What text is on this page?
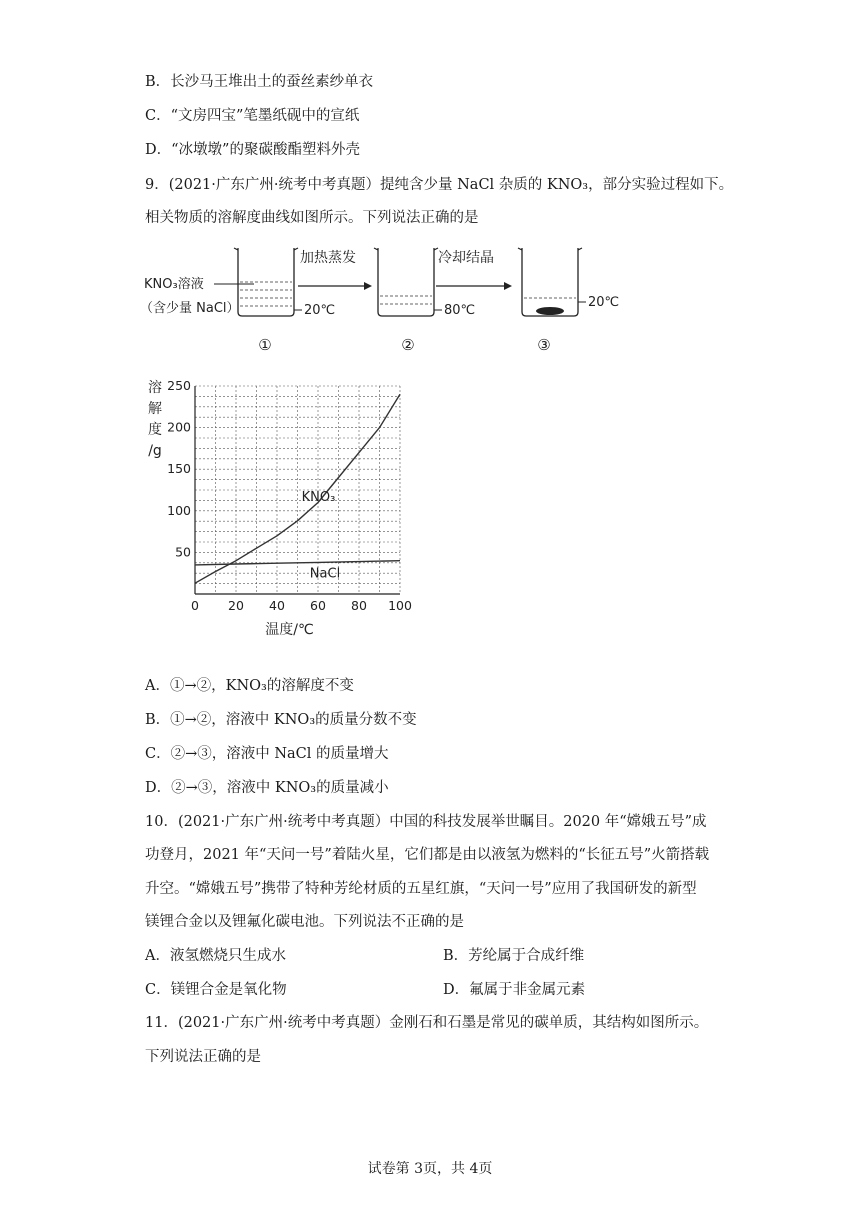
B．长沙马王堆出土的蚕丝素纱单衣
C．“文房四宝”笔墨纸砚中的宣纸
D．“冰墩墩”的聚碳酸酯塑料外壳
9．(2021·广东广州·统考中考真题）提纯含少量 NaCl 杂质的 KNO₃，部分实验过程如下。
相关物质的溶解度曲线如图所示。下列说法正确的是
KNO₃溶液
（含少量 NaCl）	20℃
加热蒸发
80℃
冷却结晶
20℃
①	②	③
0 20 40 60 80 100
50
100
150
200
250
溶
解
度
/g
温度/℃
KNO₃
NaCl
A．①→②，KNO₃的溶解度不变
B．①→②，溶液中 KNO₃的质量分数不变
C．②→③，溶液中 NaCl 的质量增大
D．②→③，溶液中 KNO₃的质量减小
10．(2021·广东广州·统考中考真题）中国的科技发展举世瞩目。2020 年“嫦娥五号”成
功登月，2021 年“天问一号”着陆火星，它们都是由以液氢为燃料的“长征五号”火箭搭载
升空。“嫦娥五号”携带了特种芳纶材质的五星红旗，“天问一号”应用了我国研发的新型
镁锂合金以及锂氟化碳电池。下列说法不正确的是
A．液氢燃烧只生成水	B．芳纶属于合成纤维
C．镁锂合金是氧化物	D．氟属于非金属元素
11．(2021·广东广州·统考中考真题）金刚石和石墨是常见的碳单质，其结构如图所示。
下列说法正确的是
试卷第 3页，共 4页
